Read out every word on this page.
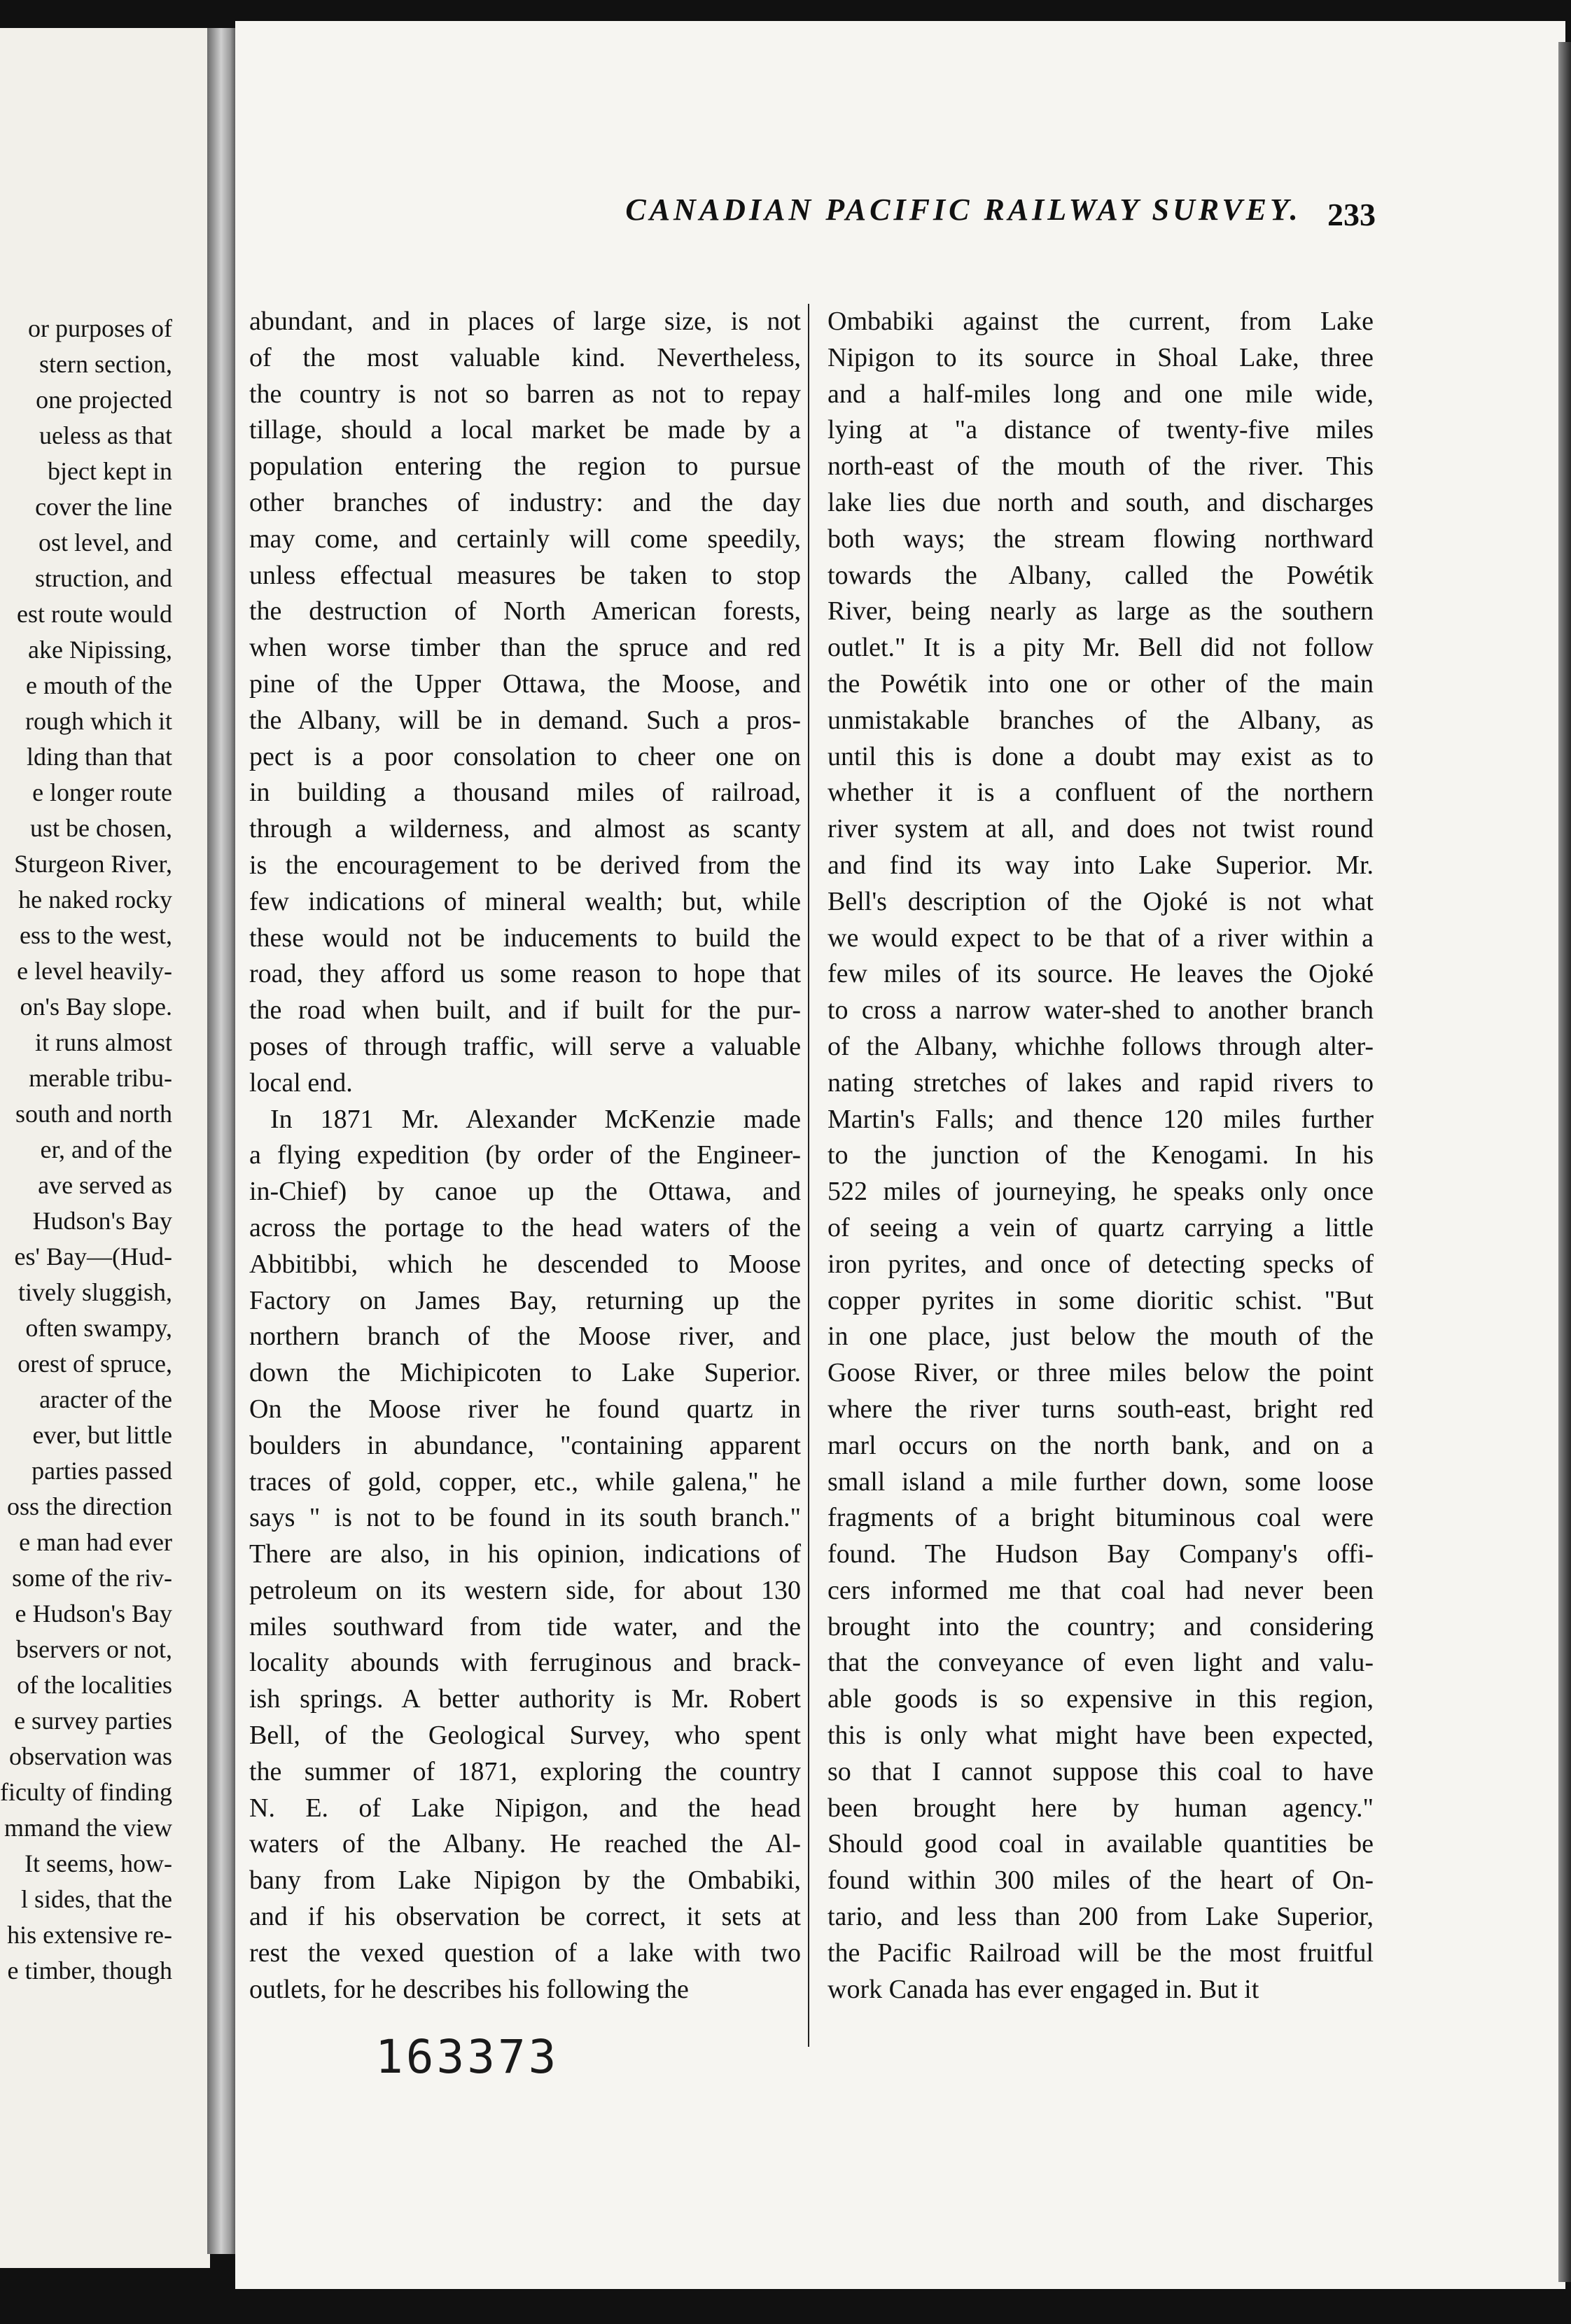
or purposes of
stern section,
one projected
ueless as that
bject kept in
cover the line
ost level, and
struction, and
est route would
ake Nipissing,
e mouth of the
rough which it
lding than that
e longer route
ust be chosen,
Sturgeon River,
he naked rocky
ess to the west,
e level heavily-
on's Bay slope.
it runs almost
merable tribu-
south and north
er, and of the
ave served as
Hudson's Bay
es' Bay—(Hud-
tively sluggish,
often swampy,
orest of spruce,
aracter of the
ever, but little
parties passed
oss the direction
e man had ever
some of the riv-
e Hudson's Bay
bservers or not,
of the localities
e survey parties
observation was
ficulty of finding
mmand the view
It seems, how-
l sides, that the
his extensive re-
e timber, though
CANADIAN PACIFIC RAILWAY SURVEY. 233
abundant, and in places of large size, is not
of the most valuable kind. Nevertheless,
the country is not so barren as not to repay
tillage, should a local market be made by a
population entering the region to pursue
other branches of industry: and the day
may come, and certainly will come speedily,
unless effectual measures be taken to stop
the destruction of North American forests,
when worse timber than the spruce and red
pine of the Upper Ottawa, the Moose, and
the Albany, will be in demand. Such a pros-
pect is a poor consolation to cheer one on
in building a thousand miles of railroad,
through a wilderness, and almost as scanty
is the encouragement to be derived from the
few indications of mineral wealth; but, while
these would not be inducements to build the
road, they afford us some reason to hope that
the road when built, and if built for the pur-
poses of through traffic, will serve a valuable
local end.
In 1871 Mr. Alexander McKenzie made
a flying expedition (by order of the Engineer-
in-Chief) by canoe up the Ottawa, and
across the portage to the head waters of the
Abbitibbi, which he descended to Moose
Factory on James Bay, returning up the
northern branch of the Moose river, and
down the Michipicoten to Lake Superior.
On the Moose river he found quartz in
boulders in abundance, "containing apparent
traces of gold, copper, etc., while galena," he
says " is not to be found in its south branch."
There are also, in his opinion, indications of
petroleum on its western side, for about 130
miles southward from tide water, and the
locality abounds with ferruginous and brack-
ish springs. A better authority is Mr. Robert
Bell, of the Geological Survey, who spent
the summer of 1871, exploring the country
N. E. of Lake Nipigon, and the head
waters of the Albany. He reached the Al-
bany from Lake Nipigon by the Ombabiki,
and if his observation be correct, it sets at
rest the vexed question of a lake with two
outlets, for he describes his following the
Ombabiki against the current, from Lake
Nipigon to its source in Shoal Lake, three
and a half-miles long and one mile wide,
lying at "a distance of twenty-five miles
north-east of the mouth of the river. This
lake lies due north and south, and discharges
both ways; the stream flowing northward
towards the Albany, called the Powétik
River, being nearly as large as the southern
outlet." It is a pity Mr. Bell did not follow
the Powétik into one or other of the main
unmistakable branches of the Albany, as
until this is done a doubt may exist as to
whether it is a confluent of the northern
river system at all, and does not twist round
and find its way into Lake Superior. Mr.
Bell's description of the Ojoké is not what
we would expect to be that of a river within a
few miles of its source. He leaves the Ojoké
to cross a narrow water-shed to another branch
of the Albany, whichhe follows through alter-
nating stretches of lakes and rapid rivers to
Martin's Falls; and thence 120 miles further
to the junction of the Kenogami. In his
522 miles of journeying, he speaks only once
of seeing a vein of quartz carrying a little
iron pyrites, and once of detecting specks of
copper pyrites in some dioritic schist. "But
in one place, just below the mouth of the
Goose River, or three miles below the point
where the river turns south-east, bright red
marl occurs on the north bank, and on a
small island a mile further down, some loose
fragments of a bright bituminous coal were
found. The Hudson Bay Company's offi-
cers informed me that coal had never been
brought into the country; and considering
that the conveyance of even light and valu-
able goods is so expensive in this region,
this is only what might have been expected,
so that I cannot suppose this coal to have
been brought here by human agency."
Should good coal in available quantities be
found within 300 miles of the heart of On-
tario, and less than 200 from Lake Superior,
the Pacific Railroad will be the most fruitful
work Canada has ever engaged in. But it
163373
